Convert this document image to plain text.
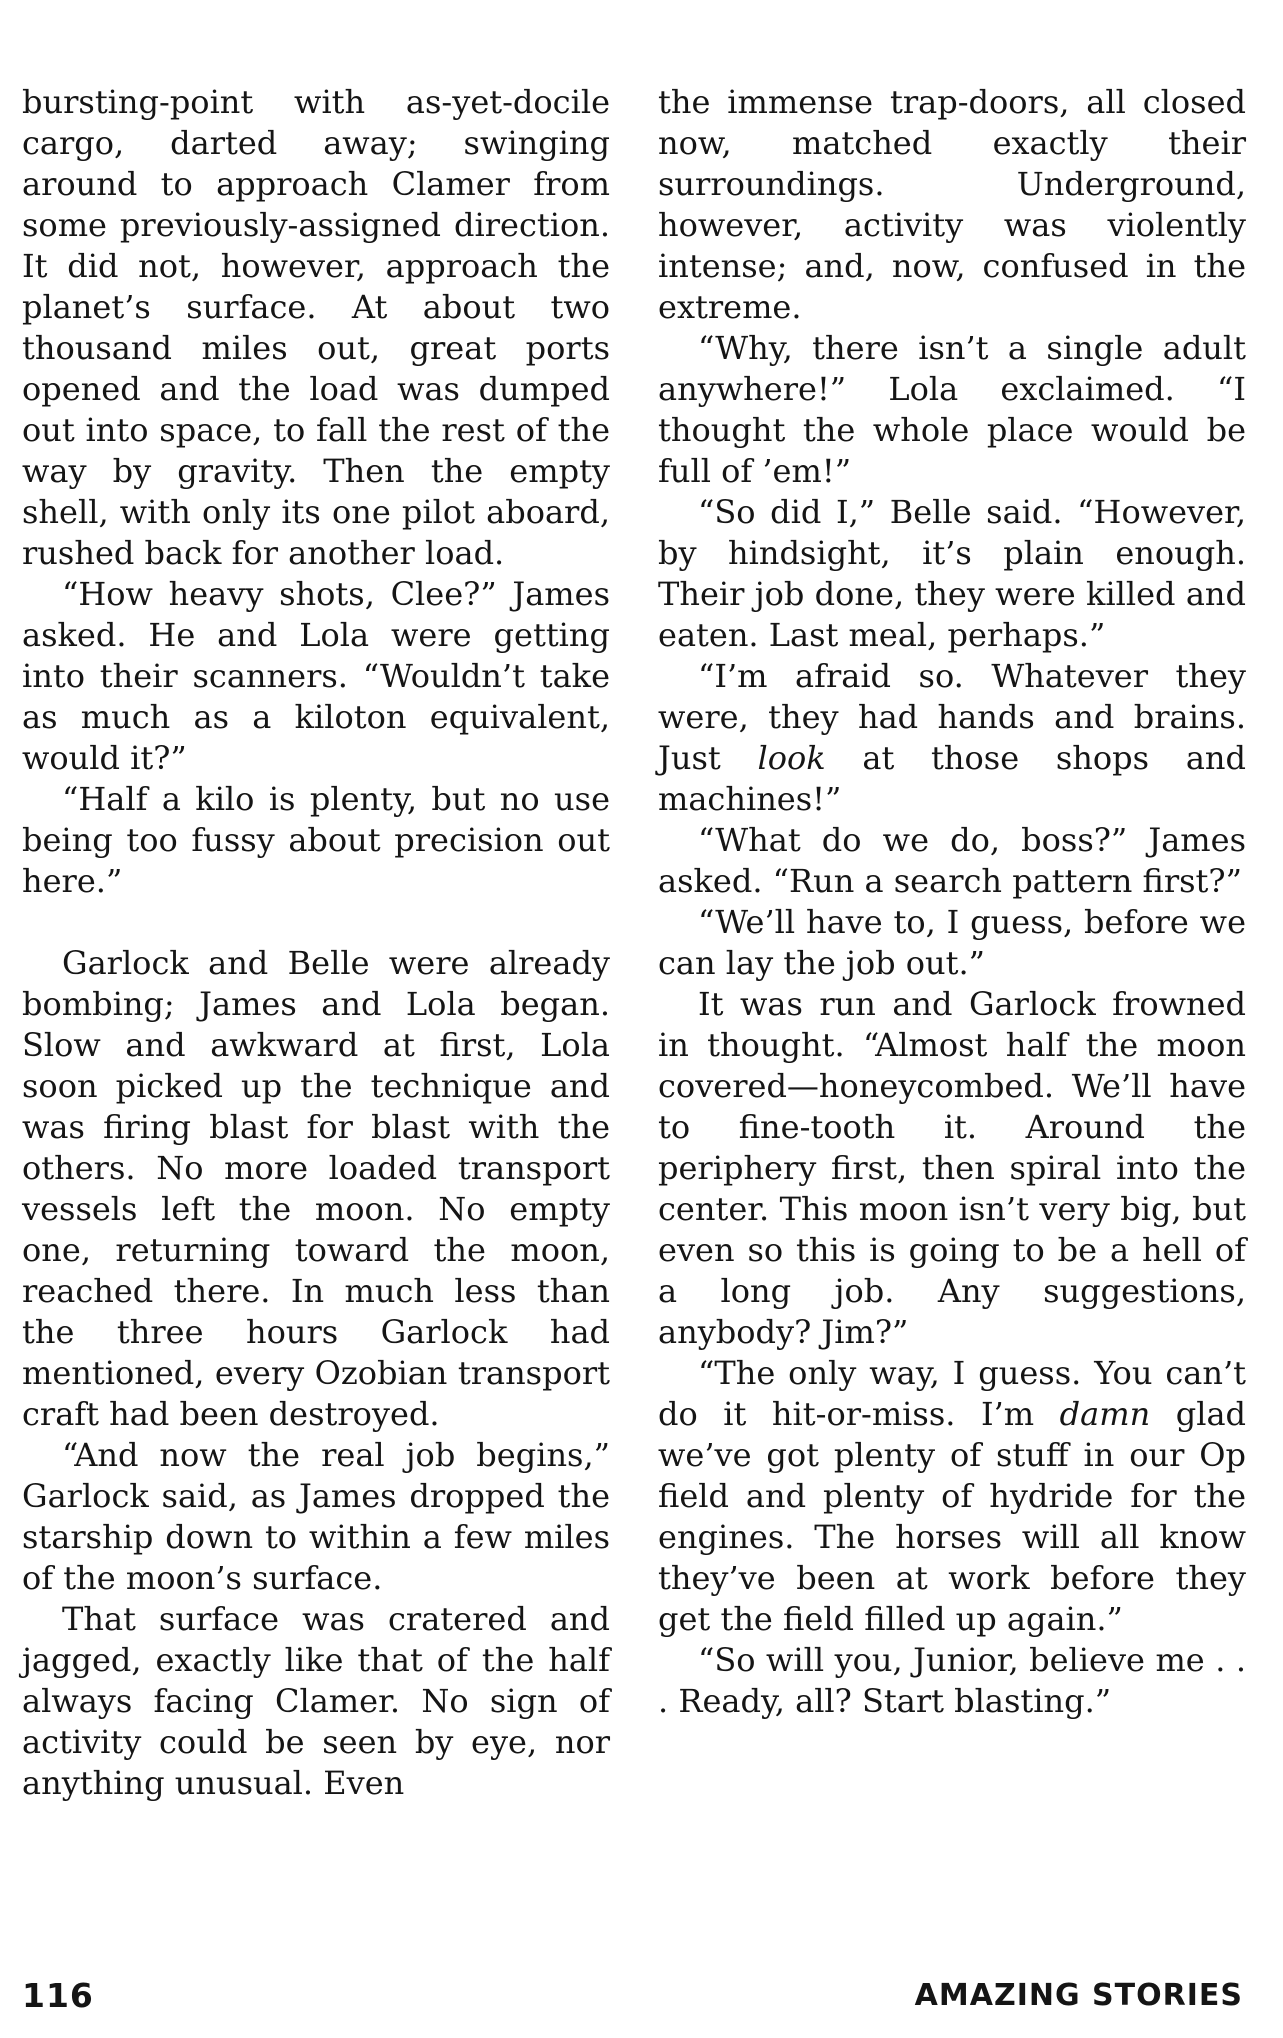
bursting-point with as-yet-docile cargo, darted away; swinging around to approach Clamer from some previously-assigned direction. It did not, however, approach the planet’s surface. At about two thousand miles out, great ports opened and the load was dumped out into space, to fall the rest of the way by gravity. Then the empty shell, with only its one pilot aboard, rushed back for another load.

“How heavy shots, Clee?” James asked. He and Lola were getting into their scanners. “Wouldn’t take as much as a kiloton equivalent, would it?”

“Half a kilo is plenty, but no use being too fussy about precision out here.”

Garlock and Belle were already bombing; James and Lola began. Slow and awkward at first, Lola soon picked up the technique and was firing blast for blast with the others. No more loaded transport vessels left the moon. No empty one, returning toward the moon, reached there. In much less than the three hours Garlock had mentioned, every Ozobian transport craft had been destroyed.

“And now the real job begins,” Garlock said, as James dropped the starship down to within a few miles of the moon’s surface.

That surface was cratered and jagged, exactly like that of the half always facing Clamer. No sign of activity could be seen by eye, nor anything unusual. Even

the immense trap-doors, all closed now, matched exactly their surroundings. Underground, however, activity was violently intense; and, now, confused in the extreme.

“Why, there isn’t a single adult anywhere!” Lola exclaimed. “I thought the whole place would be full of ’em!”

“So did I,” Belle said. “However, by hindsight, it’s plain enough. Their job done, they were killed and eaten. Last meal, perhaps.”

“I’m afraid so. Whatever they were, they had hands and brains. Just look at those shops and machines!”

“What do we do, boss?” James asked. “Run a search pattern first?”

“We’ll have to, I guess, before we can lay the job out.”

It was run and Garlock frowned in thought. “Almost half the moon covered—honeycombed. We’ll have to fine-tooth it. Around the periphery first, then spiral into the center. This moon isn’t very big, but even so this is going to be a hell of a long job. Any suggestions, anybody? Jim?”

“The only way, I guess. You can’t do it hit-or-miss. I’m damn glad we’ve got plenty of stuff in our Op field and plenty of hydride for the engines. The horses will all know they’ve been at work before they get the field filled up again.”

“So will you, Junior, believe me . . . Ready, all? Start blasting.”

116	AMAZING STORIES
